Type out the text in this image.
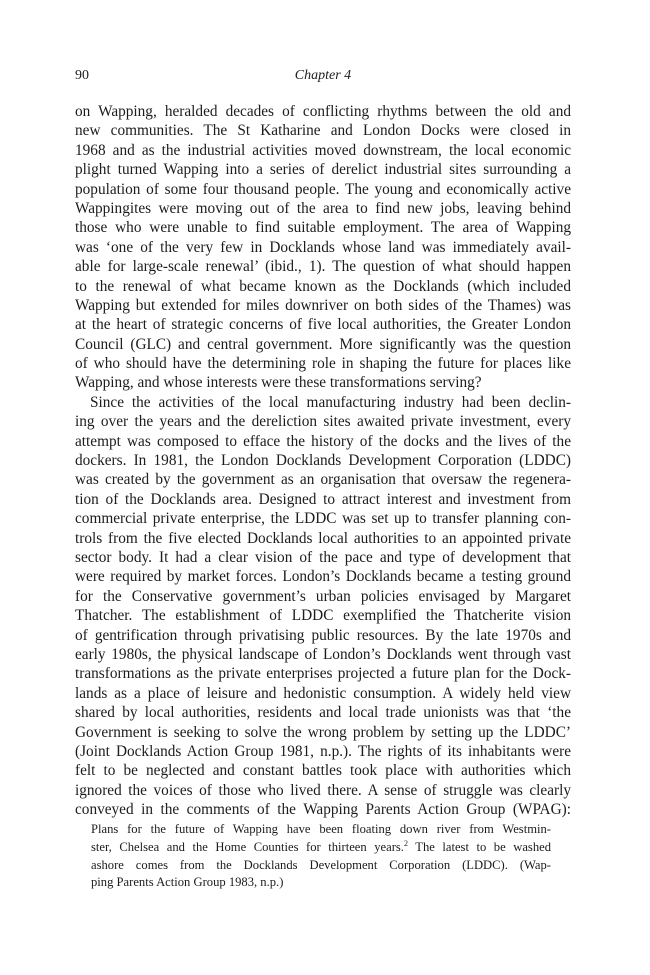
90	Chapter 4
on Wapping, heralded decades of conflicting rhythms between the old and
new communities. The St Katharine and London Docks were closed in
1968 and as the industrial activities moved downstream, the local economic
plight turned Wapping into a series of derelict industrial sites surrounding a
population of some four thousand people. The young and economically active
Wappingites were moving out of the area to find new jobs, leaving behind
those who were unable to find suitable employment. The area of Wapping
was ‘one of the very few in Docklands whose land was immediately avail-
able for large-scale renewal’ (ibid., 1). The question of what should happen
to the renewal of what became known as the Docklands (which included
Wapping but extended for miles downriver on both sides of the Thames) was
at the heart of strategic concerns of five local authorities, the Greater London
Council (GLC) and central government. More significantly was the question
of who should have the determining role in shaping the future for places like
Wapping, and whose interests were these transformations serving?
Since the activities of the local manufacturing industry had been declin-
ing over the years and the dereliction sites awaited private investment, every
attempt was composed to efface the history of the docks and the lives of the
dockers. In 1981, the London Docklands Development Corporation (LDDC)
was created by the government as an organisation that oversaw the regenera-
tion of the Docklands area. Designed to attract interest and investment from
commercial private enterprise, the LDDC was set up to transfer planning con-
trols from the five elected Docklands local authorities to an appointed private
sector body. It had a clear vision of the pace and type of development that
were required by market forces. London’s Docklands became a testing ground
for the Conservative government’s urban policies envisaged by Margaret
Thatcher. The establishment of LDDC exemplified the Thatcherite vision
of gentrification through privatising public resources. By the late 1970s and
early 1980s, the physical landscape of London’s Docklands went through vast
transformations as the private enterprises projected a future plan for the Dock-
lands as a place of leisure and hedonistic consumption. A widely held view
shared by local authorities, residents and local trade unionists was that ‘the
Government is seeking to solve the wrong problem by setting up the LDDC’
(Joint Docklands Action Group 1981, n.p.). The rights of its inhabitants were
felt to be neglected and constant battles took place with authorities which
ignored the voices of those who lived there. A sense of struggle was clearly
conveyed in the comments of the Wapping Parents Action Group (WPAG):
Plans for the future of Wapping have been floating down river from Westmin-
ster, Chelsea and the Home Counties for thirteen years.$^2$ The latest to be washed
ashore comes from the Docklands Development Corporation (LDDC). (Wap-
ping Parents Action Group 1983, n.p.)
